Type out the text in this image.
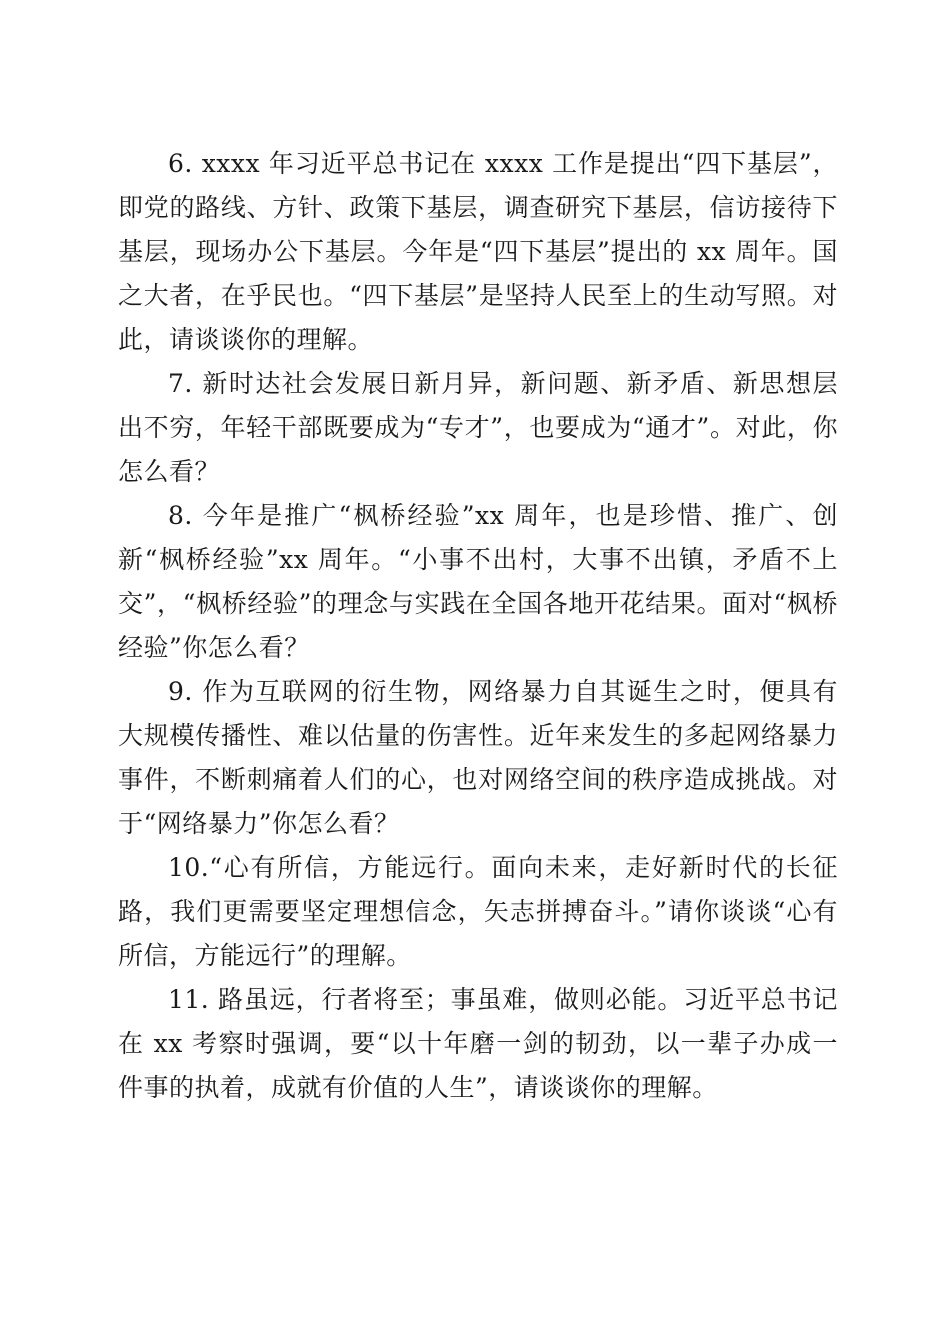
6. xxxx 年习近平总书记在 xxxx 工作是提出“四下基层”，即党的路线、方针、政策下基层，调查研究下基层，信访接待下基层，现场办公下基层。今年是“四下基层”提出的 xx 周年。国之大者，在乎民也。“四下基层”是坚持人民至上的生动写照。对此，请谈谈你的理解。

7. 新时达社会发展日新月异，新问题、新矛盾、新思想层出不穷，年轻干部既要成为“专才”，也要成为“通才”。对此，你怎么看？

8. 今年是推广“枫桥经验”xx 周年，也是珍惜、推广、创新“枫桥经验”xx 周年。“小事不出村，大事不出镇，矛盾不上交”，“枫桥经验”的理念与实践在全国各地开花结果。面对“枫桥经验”你怎么看？

9. 作为互联网的衍生物，网络暴力自其诞生之时，便具有大规模传播性、难以估量的伤害性。近年来发生的多起网络暴力事件，不断刺痛着人们的心，也对网络空间的秩序造成挑战。对于“网络暴力”你怎么看？

10.“心有所信，方能远行。面向未来，走好新时代的长征路，我们更需要坚定理想信念，矢志拼搏奋斗。”请你谈谈“心有所信，方能远行”的理解。

11. 路虽远，行者将至；事虽难，做则必能。习近平总书记在 xx 考察时强调，要“以十年磨一剑的韧劲，以一辈子办成一件事的执着，成就有价值的人生”，请谈谈你的理解。
